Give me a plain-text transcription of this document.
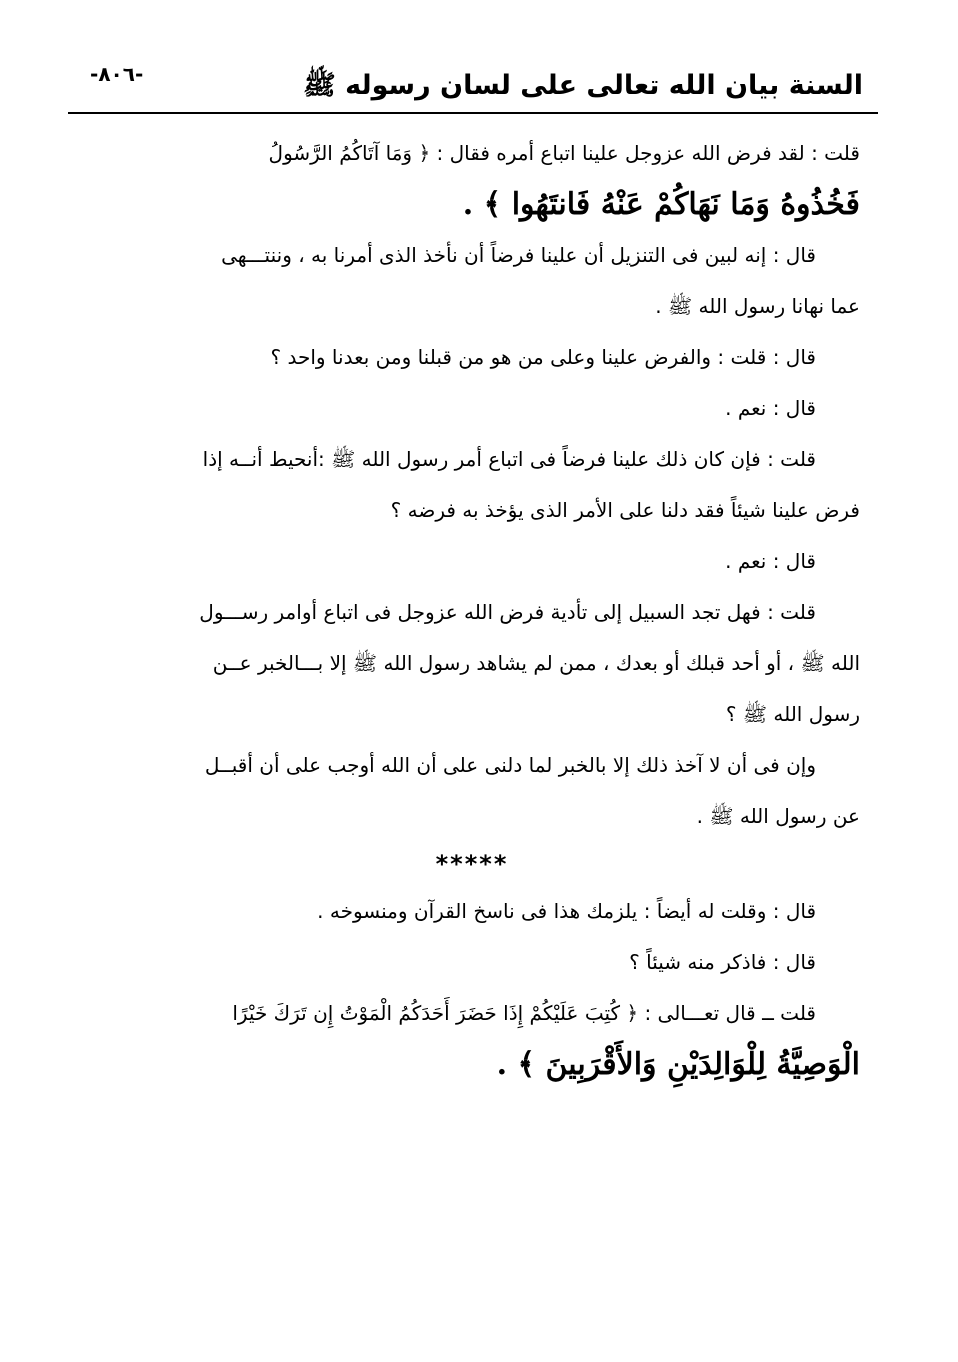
السنة بيان الله تعالى على لسان رسوله ﷺ
-٨٠٦-
قلت : لقد فرض الله عزوجل علينا اتباع أمره فقال : ﴿ وَمَا آتَاكُمُ الرَّسُولُ
فَخُذُوهُ وَمَا نَهَاكُمْ عَنْهُ فَانتَهُوا ﴾ .
قال : إنه لبين فى التنزيل أن علينا فرضاً أن نأخذ الذى أمرنا به ، وننتـــهى
عما نهانا رسول الله ﷺ .
قال : قلت : والفرض علينا وعلى من هو من قبلنا ومن بعدنا واحد ؟
قال : نعم .
قلت : فإن كان ذلك علينا فرضاً فى اتباع أمر رسول الله ﷺ :أنحيط أنــه إذا
فرض علينا شيئاً فقد دلنا على الأمر الذى يؤخذ به فرضه ؟
قال : نعم .
قلت : فهل تجد السبيل إلى تأدية فرض الله عزوجل فى اتباع أوامر رســـول
الله ﷺ ، أو أحد قبلك أو بعدك ، ممن لم يشاهد رسول الله ﷺ إلا بـــالخبر عــن
رسول الله ﷺ ؟
وإن فى أن لا آخذ ذلك إلا بالخبر لما دلنى على أن الله أوجب على أن أقبــل
عن رسول الله ﷺ .
*****
قال : وقلت له أيضاً : يلزمك هذا فى ناسخ القرآن ومنسوخه .
قال : فاذكر منه شيئاً ؟
قلت ــ قال تعـــالى : ﴿ كُتِبَ عَلَيْكُمْ إِذَا حَضَرَ أَحَدَكُمُ الْمَوْتُ إِن تَرَكَ خَيْرًا
الْوَصِيَّةُ لِلْوَالِدَيْنِ وَالأَقْرَبِينَ ﴾ .
